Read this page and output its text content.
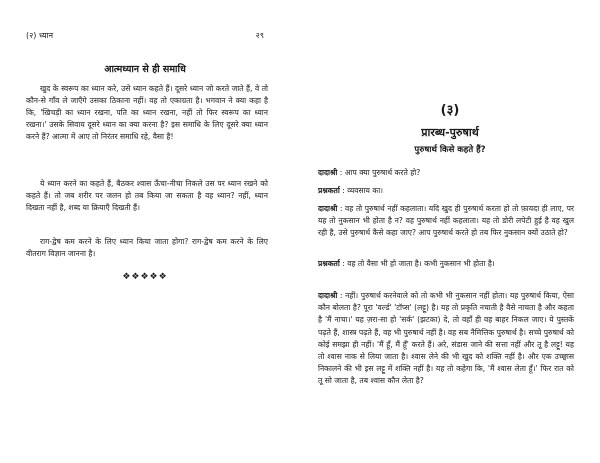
(२) ध्यान	२९
आत्मध्यान से ही समाधि

खुद के स्वरूप का ध्यान करे, उसे ध्यान कहते हैं। दूसरे ध्यान जो करते जाते हैं, वे तो कौन-से गाँव ले जाएँगे उसका ठिकाना नहीं। वह तो एकाग्रता है। भगवान ने क्या कहा है कि, 'खिचड़ी का ध्यान रखना, पति का ध्यान रखना, नहीं तो फिर स्वरूप का ध्यान रखना।' उसके सिवाय दूसरे ध्यान का क्या करना है? इस समाधि के लिए दूसरे क्या ध्यान करने हैं? आत्मा में आए तो निरंतर समाधि रहे, वैसा है!

ये ध्यान करने का कहते हैं, बैठकर श्वास ऊँचा-नीचा निकले उस पर ध्यान रखने को कहते हैं। तो जब शरीर पर जलन हो तब किया जा सकता है वह ध्यान? नहीं, ध्यान दिखता नहीं है, शब्द या क्रियाएँ दिखती हैं।

राग-द्वेष कम करने के लिए ध्यान किया जाता होगा? राग-द्वेष कम करने के लिए वीतराग विज्ञान जानना है।

❖❖❖❖❖
(३)
प्रारब्ध-पुरुषार्थ
पुरुषार्थ किसे कहते हैं?

दादाश्री : आप क्या पुरुषार्थ करते हो?

प्रश्नकर्ता : व्यवसाय का।

दादाश्री : वह तो पुरुषार्थ नहीं कहलाता। यदि खुद ही पुरुषार्थ करता हो तो फ़ायदा ही लाए, पर यह तो नुकसान भी होता है न? वह पुरुषार्थ नहीं कहलाता। यह तो डोरी लपेटी हुई है वह खुल रही है, उसे पुरुषार्थ कैसे कहा जाए? आप पुरुषार्थ करते हो तब फिर नुकसान क्यों उठाते हो?

प्रश्नकर्ता : वह तो वैसा भी हो जाता है। कभी नुकसान भी होता है।

दादाश्री : नहीं। पुरुषार्थ करनेवाले को तो कभी भी नुकसान नहीं होता। यह पुरुषार्थ किया, ऐसा कौन बोलता है? पूरा 'वर्ल्ड' 'टॉप्स' (लट्टू) है। यह तो प्रकृति नचाती है वैसे नाचता है और कहता है 'मैं नाचा।' यह ज़रा-सा हो 'सर्क' (झटका) दे, तो वहाँ ही वह बाहर निकल जाए। ये पुस्तकें पढ़ते हैं, शास्त्र पढ़ते हैं, वह भी पुरुषार्थ नहीं है। वह सब नैमित्तिक पुरुषार्थ है। सच्चे पुरुषार्थ को कोई समझा ही नहीं। 'मैं हूँ, मैं हूँ' करते हैं। अरे, संडास जाने की सत्ता नहीं और तू है लट्टू! यह तो श्वास नाक से लिया जाता है। श्वास लेने की भी खुद को शक्ति नहीं है। और एक उच्छ्वास निकालने की भी इस लट्टू में शक्ति नहीं है। यह तो कहेगा कि, 'मैं श्वास लेता हूँ।' फिर रात को तू सो जाता है, तब श्वास कौन लेता है?
